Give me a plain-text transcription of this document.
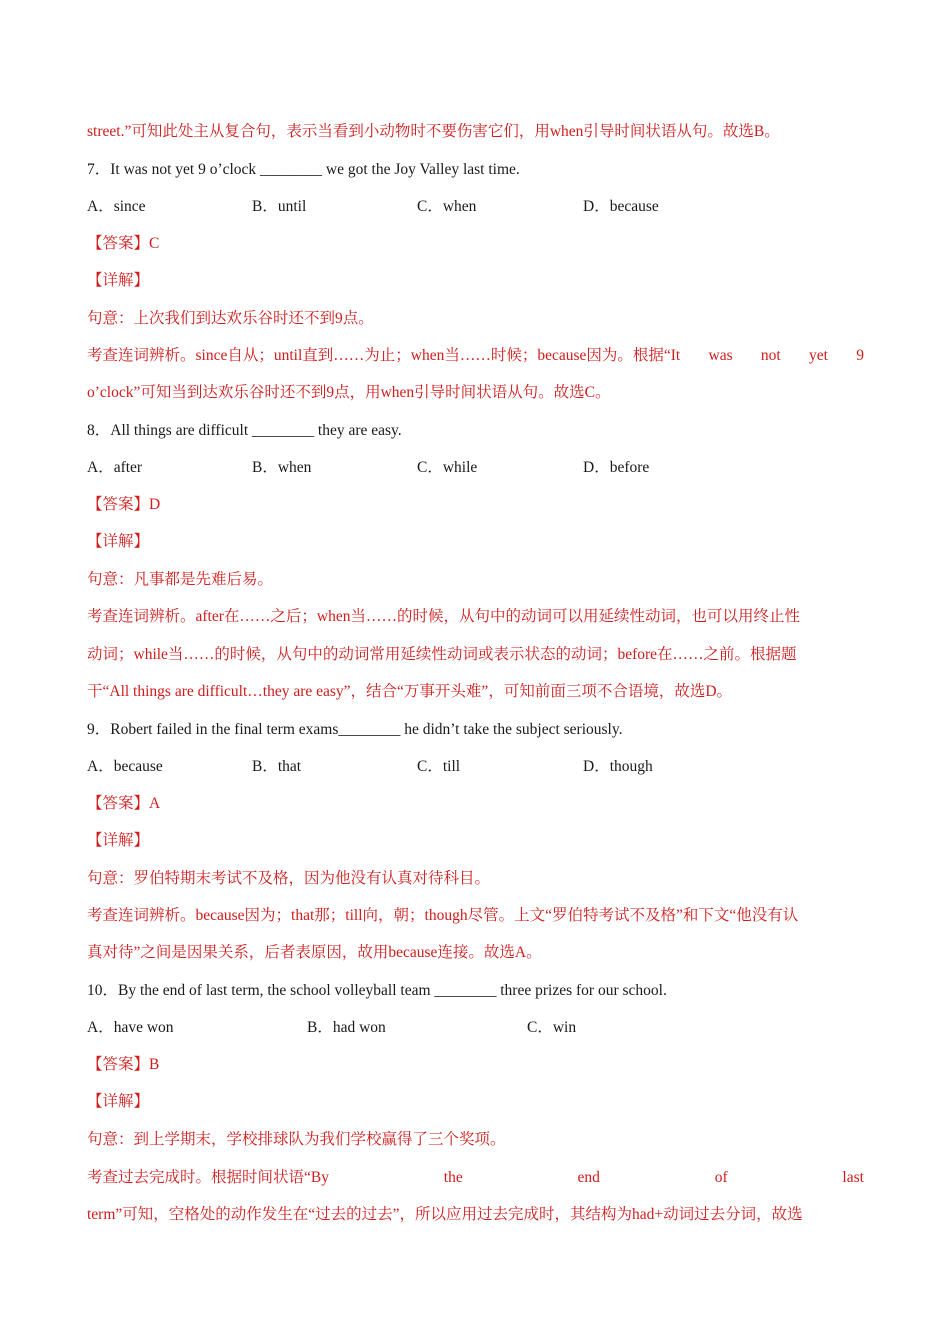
street.”可知此处主从复合句，表示当看到小动物时不要伤害它们，用when引导时间状语从句。故选B。
7．It was not yet 9 o’clock ________ we got the Joy Valley last time.
A．since	B．until	C．when	D．because
【答案】C
【详解】
句意：上次我们到达欢乐谷时还不到9点。
考查连词辨析。since自从；until直到……为止；when当……时候；because因为。根据“It was not yet 9
o’clock”可知当到达欢乐谷时还不到9点，用when引导时间状语从句。故选C。
8．All things are difficult ________ they are easy.
A．after	B．when	C．while	D．before
【答案】D
【详解】
句意：凡事都是先难后易。
考查连词辨析。after在……之后；when当……的时候，从句中的动词可以用延续性动词，也可以用终止性
动词；while当……的时候，从句中的动词常用延续性动词或表示状态的动词；before在……之前。根据题
干“All things are difficult…they are easy”，结合“万事开头难”，可知前面三项不合语境，故选D。
9．Robert failed in the final term exams________ he didn’t take the subject seriously.
A．because	B．that	C．till	D．though
【答案】A
【详解】
句意：罗伯特期末考试不及格，因为他没有认真对待科目。
考查连词辨析。because因为；that那；till向，朝；though尽管。上文“罗伯特考试不及格”和下文“他没有认
真对待”之间是因果关系，后者表原因，故用because连接。故选A。
10．By the end of last term, the school volleyball team ________ three prizes for our school.
A．have won	B．had won	C．win
【答案】B
【详解】
句意：到上学期末，学校排球队为我们学校赢得了三个奖项。
考查过去完成时。根据时间状语“By	the	end	of	last
term”可知，空格处的动作发生在“过去的过去”，所以应用过去完成时，其结构为had+动词过去分词，故选
